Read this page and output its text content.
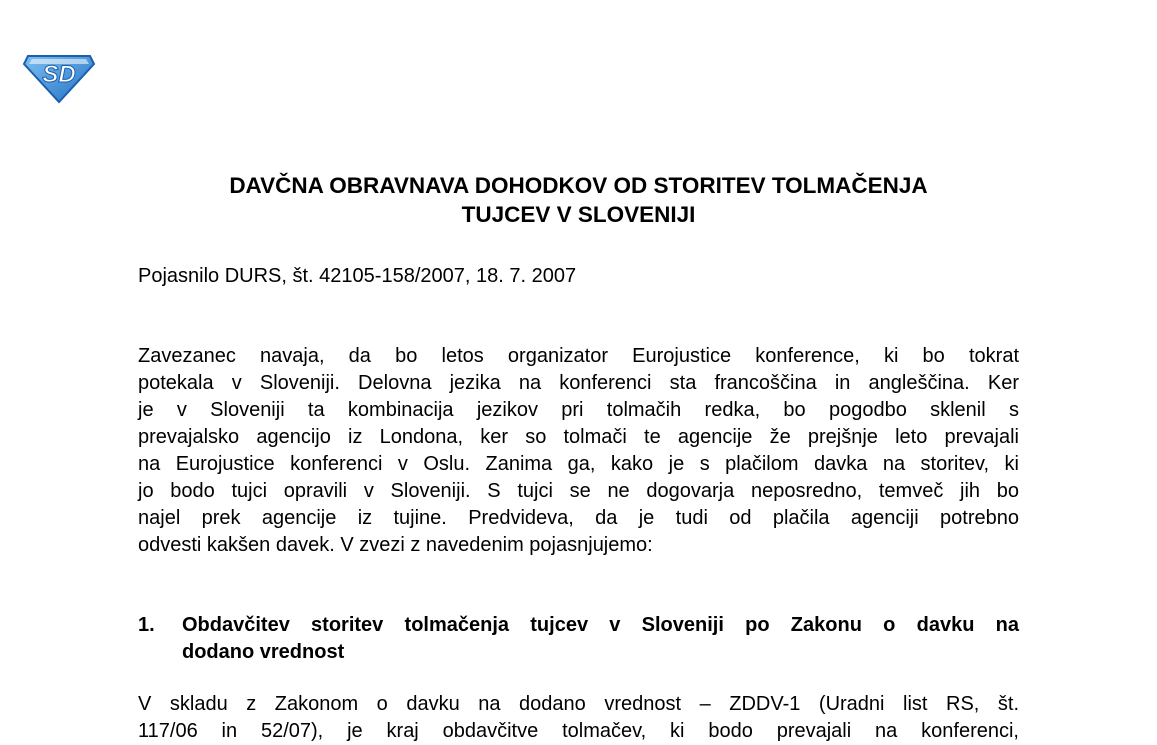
SD
DAVČNA OBRAVNAVA DOHODKOV OD STORITEV TOLMAČENJA
TUJCEV V SLOVENIJI
Pojasnilo DURS, št. 42105-158/2007, 18. 7. 2007
Zavezanec navaja, da bo letos organizator Eurojustice konference, ki bo tokrat
potekala v Sloveniji. Delovna jezika na konferenci sta francoščina in angleščina. Ker
je v Sloveniji ta kombinacija jezikov pri tolmačih redka, bo pogodbo sklenil s
prevajalsko agencijo iz Londona, ker so tolmači te agencije že prejšnje leto prevajali
na Eurojustice konferenci v Oslu. Zanima ga, kako je s plačilom davka na storitev, ki
jo bodo tujci opravili v Sloveniji. S tujci se ne dogovarja neposredno, temveč jih bo
najel prek agencije iz tujine. Predvideva, da je tudi od plačila agenciji potrebno
odvesti kakšen davek. V zvezi z navedenim pojasnjujemo:
1. Obdavčitev storitev tolmačenja tujcev v Sloveniji po Zakonu o davku na
dodano vrednost
V skladu z Zakonom o davku na dodano vrednost – ZDDV-1 (Uradni list RS, št.
117/06 in 52/07), je kraj obdavčitve tolmačev, ki bodo prevajali na konferenci,
